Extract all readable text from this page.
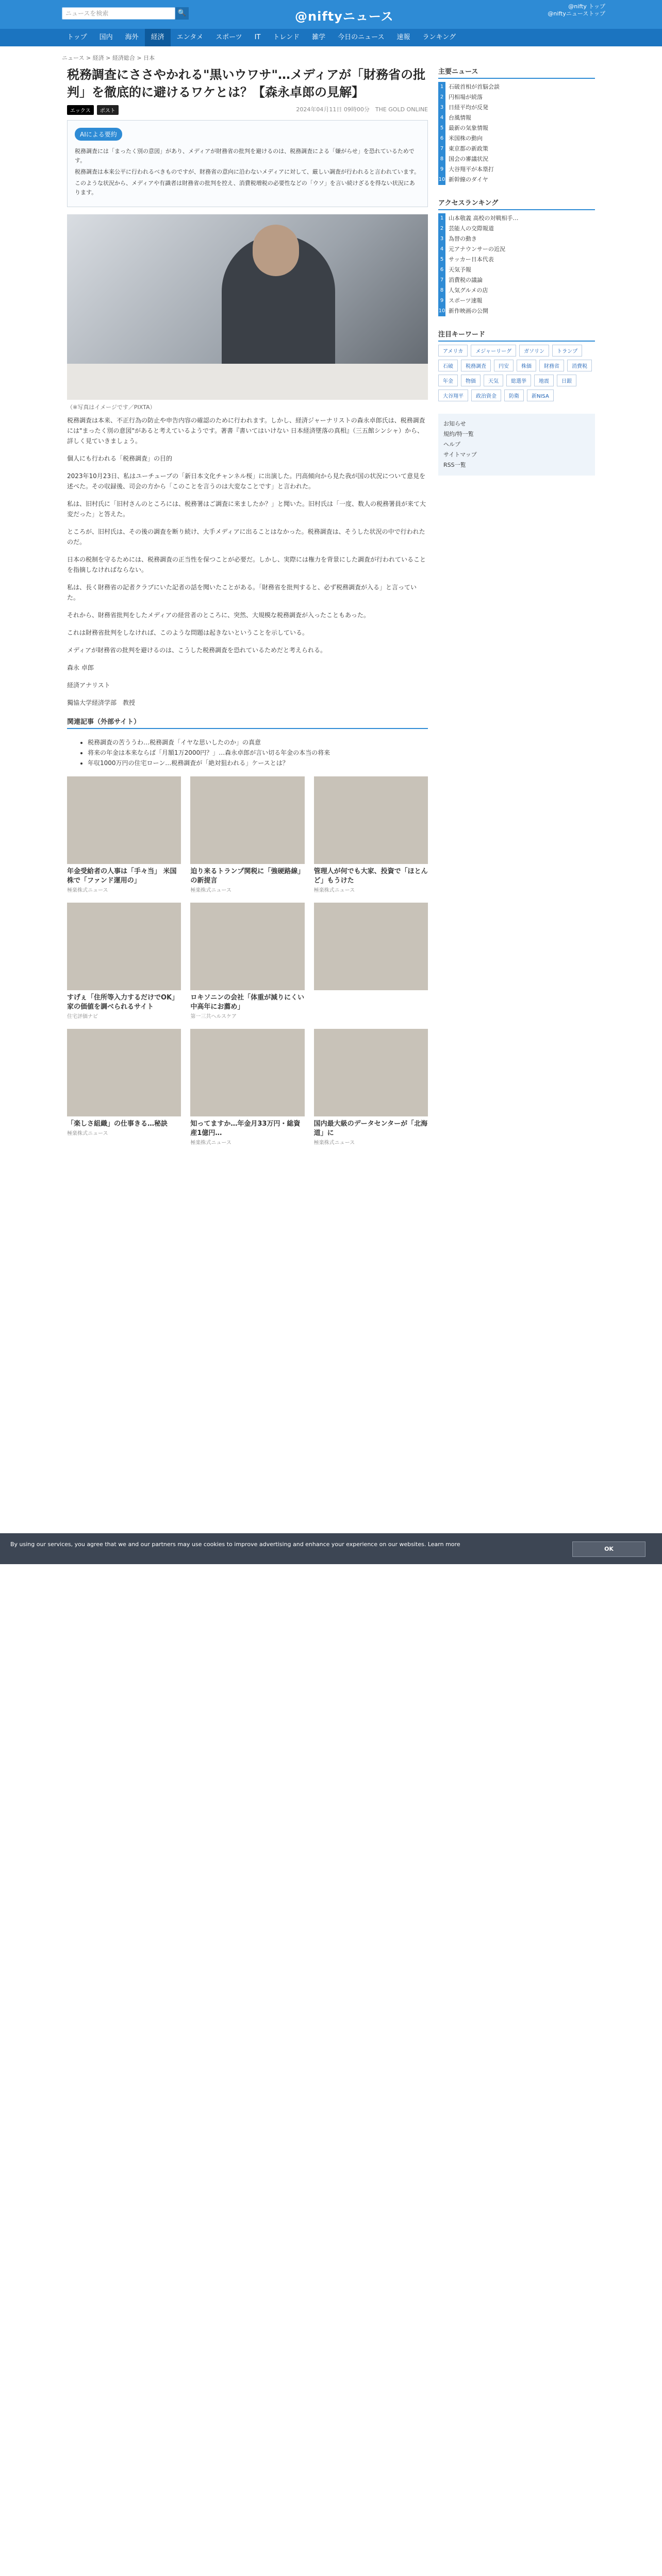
ニュースを検索	🔍	@niftyニュース
@nifty トップ
@niftyニューストップ
トップ	国内	海外	経済	エンタメ	スポーツ	IT	トレンド	雑学	今日のニュース	速報	ランキング
ニュース > 経済 > 経済総合 > 日本
税務調査にささやかれる"黒いウワサ"…メディアが「財務省の批判」を徹底的に避けるワケとは？【森永卓郎の見解】
エックス	ポスト	2024年04月11日 09時00分　 THE GOLD ONLINE
AIによる要約

税務調査には「まったく別の意図」があり、メディアが財務省の批判を避けるのは、税務調査による「嫌がらせ」を恐れているためです。

税務調査は本来公平に行われるべきものですが、財務省の意向に沿わないメディアに対して、厳しい調査が行われると言われています。

このような状況から、メディアや有識者は財務省の批判を控え、消費税増税の必要性などの「ウソ」を言い続けざるを得ない状況にあります。

（※写真はイメージです／PIXTA）

税務調査は本来、不正行為の防止や申告内容の確認のために行われます。しかし、経済ジャーナリストの森永卓郎氏は、税務調査には"まったく別の意図"があると考えているようです。著書『書いてはいけない 日本経済墜落の真相』（三五館シンシャ）から、詳しく見ていきましょう。

個人にも行われる「税務調査」の目的

2023年10月23日、私はユーチューブの「新日本文化チャンネル桜」に出演した。円高傾向から見た我が国の状況について意見を述べた。その収録後、司会の方から「このことを言うのは大変なことです」と言われた。

私は、旧村氏に「旧村さんのところには、税務署はご調査に来ましたか？」と聞いた。旧村氏は「一度、数人の税務署員が来て大変だった」と答えた。

ところが、旧村氏は、その後の調査を断り続け、大手メディアに出ることはなかった。税務調査は、そうした状況の中で行われたのだ。

日本の税制を守るためには、税務調査の正当性を保つことが必要だ。しかし、実際には権力を背景にした調査が行われていることを指摘しなければならない。

私は、長く財務省の記者クラブにいた記者の話を聞いたことがある。「財務省を批判すると、必ず税務調査が入る」と言っていた。

それから、財務省批判をしたメディアの経営者のところに、突然、大規模な税務調査が入ったこともあった。

これは財務省批判をしなければ、このような問題は起きないということを示している。

メディアが財務省の批判を避けるのは、こうした税務調査を恐れているためだと考えられる。

森永 卓郎

経済アナリスト

獨協大学経済学部　教授

関連記事（外部サイト）
• 税務調査の苦ううわ…税務調査「イヤな思いしたのか」の真意
• 将来の年金は本来ならば「月額1万2000円？」…森永卓郎が言い切る年金の本当の将来
• 年収1000万円の住宅ローン…税務調査が「絶対狙われる」ケースとは？
年金受給者の人事は「手々当」 米国株で「ファンド運用の」
極楽株式ニュース
迫り来るトランプ関税に「強硬路線」の新提言
極楽株式ニュース
管理人が何でも大家、投資で「ほとんど」もうけた
極楽株式ニュース
すげぇ「住所等入力するだけでOK」家の価値を調べられるサイト
住宅評価ナビ
ロキソニンの会社「体重が減りにくい中高年にお薦め」
第一三共ヘルスケア
「楽しさ組織」の仕事きる…秘訣
極楽株式ニュース
知ってますか…年金月33万円・総資産1億円…
極楽株式ニュース
国内最大級のデータセンターが「北海道」に
極楽株式ニュース
主要ニュース
1 石破首相が首脳会談
2 円相場が続落
3 日経平均が反発
4 台風情報
5 最新の気象情報
6 米国株の動向
7 東京都の新政策
8 国会の審議状況
9 大谷翔平が本塁打
10 新幹線のダイヤ
アクセスランキング
1 山本敬義 高校の対戦相手…
2 芸能人の交際報道
3 為替の動き
4 元アナウンサーの近況
5 サッカー日本代表
6 天気予報
7 消費税の議論
8 人気グルメの店
9 スポーツ速報
10 新作映画の公開
注目キーワード
アメリカ	メジャーリーグ	ガソリン	トランプ
石破	税務調査	円安	株価	財務省	消費税
年金	物価	天気	総選挙	地震	日銀
大谷翔平	政治資金	防衛	新NISA
お知らせ
規約/特一覧
ヘルプ
サイトマップ
RSS一覧
By using our services, you agree that we and our partners may use cookies to improve advertising and enhance your experience on our websites. Learn more
OK
